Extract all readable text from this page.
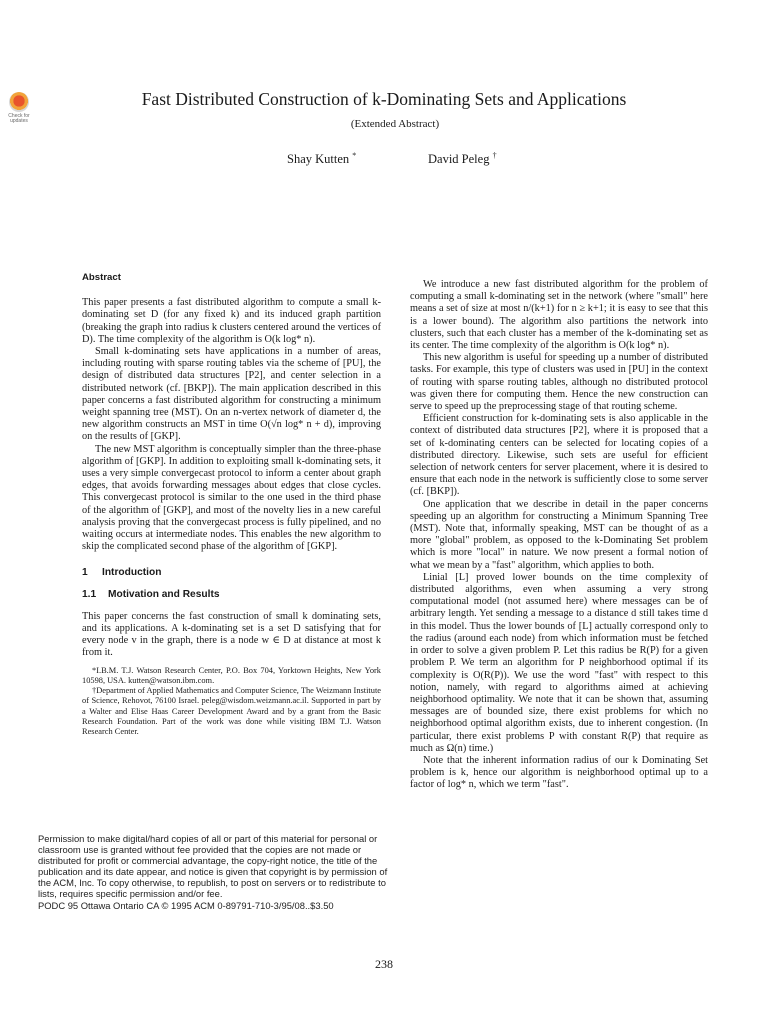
Check for updates
Fast Distributed Construction of k-Dominating Sets and Applications
(Extended Abstract)
Shay Kutten *	David Peleg †
Abstract

This paper presents a fast distributed algorithm to compute a small k-dominating set D (for any fixed k) and its induced graph partition (breaking the graph into radius k clusters centered around the vertices of D). The time complexity of the algorithm is O(k log* n).

Small k-dominating sets have applications in a number of areas, including routing with sparse routing tables via the scheme of [PU], the design of distributed data structures [P2], and center selection in a distributed network (cf. [BKP]). The main application described in this paper concerns a fast distributed algorithm for constructing a minimum weight spanning tree (MST). On an n-vertex network of diameter d, the new algorithm constructs an MST in time O(√n log* n + d), improving on the results of [GKP].

The new MST algorithm is conceptually simpler than the three-phase algorithm of [GKP]. In addition to exploiting small k-dominating sets, it uses a very simple convergecast protocol to inform a center about graph edges, that avoids forwarding messages about edges that close cycles. This convergecast protocol is similar to the one used in the third phase of the algorithm of [GKP], and most of the novelty lies in a new careful analysis proving that the convergecast process is fully pipelined, and no waiting occurs at intermediate nodes. This enables the new algorithm to skip the complicated second phase of the algorithm of [GKP].

1 Introduction
1.1 Motivation and Results

This paper concerns the fast construction of small k dominating sets, and its applications. A k-dominating set is a set D satisfying that for every node v in the graph, there is a node w ∈ D at distance at most k from it.

*I.B.M. T.J. Watson Research Center, P.O. Box 704, Yorktown Heights, New York 10598, USA. kutten@watson.ibm.com.

†Department of Applied Mathematics and Computer Science, The Weizmann Institute of Science, Rehovot, 76100 Israel. peleg@wisdom.weizmann.ac.il. Supported in part by a Walter and Elise Haas Career Development Award and by a grant from the Basic Research Foundation. Part of the work was done while visiting IBM T.J. Watson Research Center.

Permission to make digital/hard copies of all or part of this material for personal or classroom use is granted without fee provided that the copies are not made or distributed for profit or commercial advantage, the copy-right notice, the title of the publication and its date appear, and notice is given that copyright is by permission of the ACM, Inc. To copy otherwise, to republish, to post on servers or to redistribute to lists, requires specific permission and/or fee.

PODC 95 Ottawa Ontario CA © 1995 ACM 0-89791-710-3/95/08..$3.50

We introduce a new fast distributed algorithm for the problem of computing a small k-dominating set in the network (where "small" here means a set of size at most n/(k+1) for n ≥ k+1; it is easy to see that this is a lower bound). The algorithm also partitions the network into clusters, such that each cluster has a member of the k-dominating set as its center. The time complexity of the algorithm is O(k log* n).

This new algorithm is useful for speeding up a number of distributed tasks. For example, this type of clusters was used in [PU] in the context of routing with sparse routing tables, although no distributed protocol was given there for computing them. Hence the new construction can serve to speed up the preprocessing stage of that routing scheme.

Efficient construction for k-dominating sets is also applicable in the context of distributed data structures [P2], where it is proposed that a set of k-dominating centers can be selected for locating copies of a distributed directory. Likewise, such sets are useful for efficient selection of network centers for server placement, where it is desired to ensure that each node in the network is sufficiently close to some server (cf. [BKP]).

One application that we describe in detail in the paper concerns speeding up an algorithm for constructing a Minimum Spanning Tree (MST). Note that, informally speaking, MST can be thought of as a more "global" problem, as opposed to the k-Dominating Set problem which is more "local" in nature. We now present a formal notion of what we mean by a "fast" algorithm, which applies to both.

Linial [L] proved lower bounds on the time complexity of distributed algorithms, even when assuming a very strong computational model (not assumed here) where messages can be of arbitrary length. Yet sending a message to a distance d still takes time d in this model. Thus the lower bounds of [L] actually correspond only to the radius (around each node) from which information must be fetched in order to solve a given problem P. Let this radius be R(P) for a given problem P. We term an algorithm for P neighborhood optimal if its complexity is O(R(P)). We use the word "fast" with respect to this notion, namely, with regard to algorithms aimed at achieving neighborhood optimality. We note that it can be shown that, assuming messages are of bounded size, there exist problems for which no neighborhood optimal algorithm exists, due to inherent congestion. (In particular, there exist problems P with constant R(P) that require as much as Ω(n) time.)

Note that the inherent information radius of our k Dominating Set problem is k, hence our algorithm is neighborhood optimal up to a factor of log* n, which we term "fast".

238
